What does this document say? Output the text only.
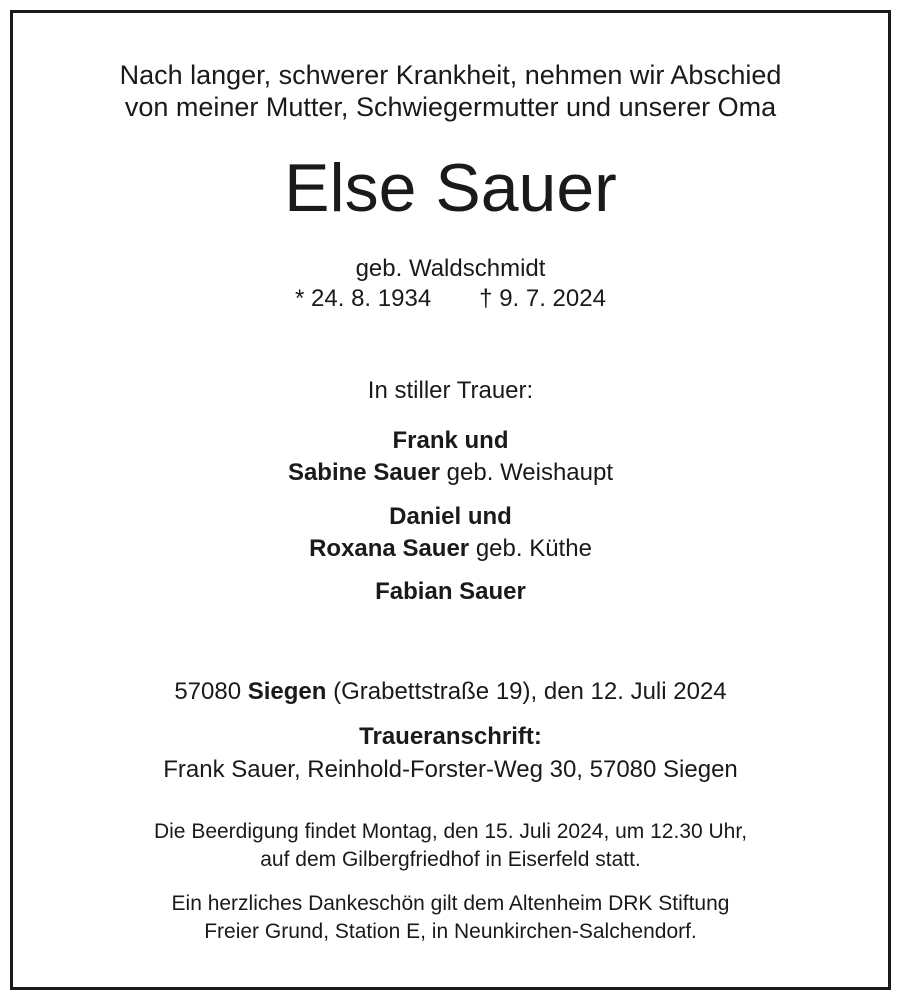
Nach langer, schwerer Krankheit, nehmen wir Abschied
von meiner Mutter, Schwiegermutter und unserer Oma
Else Sauer
geb. Waldschmidt
* 24. 8. 1934 † 9. 7. 2024
In stiller Trauer:
Frank und
Sabine Sauer geb. Weishaupt
Daniel und
Roxana Sauer geb. Küthe
Fabian Sauer
57080 Siegen (Grabettstraße 19), den 12. Juli 2024
Traueranschrift:
Frank Sauer, Reinhold-Forster-Weg 30, 57080 Siegen
Die Beerdigung findet Montag, den 15. Juli 2024, um 12.30 Uhr,
auf dem Gilbergfriedhof in Eiserfeld statt.
Ein herzliches Dankeschön gilt dem Altenheim DRK Stiftung
Freier Grund, Station E, in Neunkirchen-Salchendorf.
